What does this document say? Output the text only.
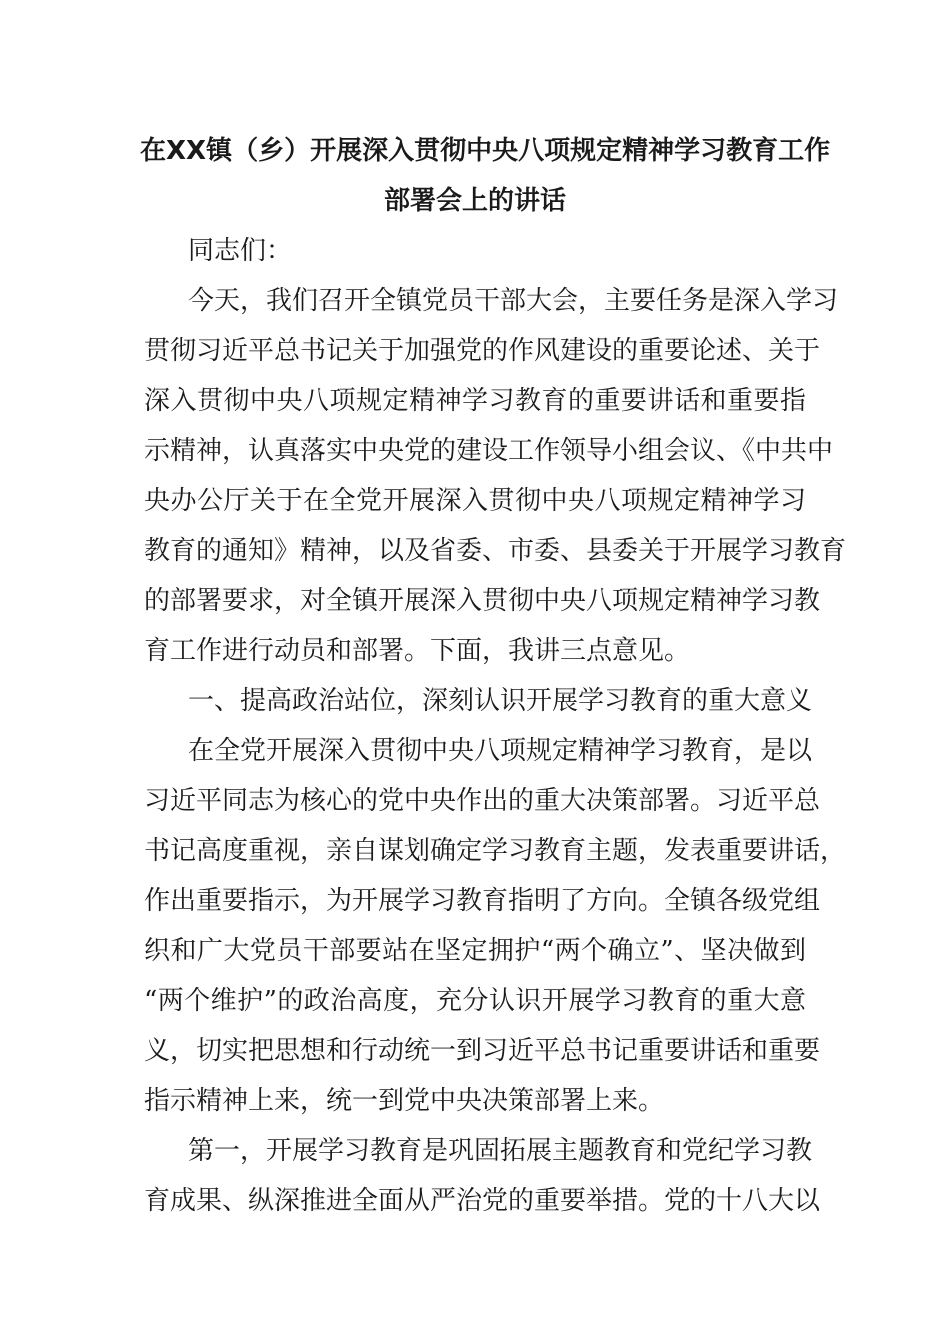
在XX镇（乡）开展深入贯彻中央八项规定精神学习教育工作
部署会上的讲话

同志们：

今天，我们召开全镇党员干部大会，主要任务是深入学习

贯彻习近平总书记关于加强党的作风建设的重要论述、关于

深入贯彻中央八项规定精神学习教育的重要讲话和重要指

示精神，认真落实中央党的建设工作领导小组会议、《中共中

央办公厅关于在全党开展深入贯彻中央八项规定精神学习

教育的通知》精神，以及省委、市委、县委关于开展学习教育

的部署要求，对全镇开展深入贯彻中央八项规定精神学习教

育工作进行动员和部署。下面，我讲三点意见。

一、提高政治站位，深刻认识开展学习教育的重大意义

在全党开展深入贯彻中央八项规定精神学习教育，是以

习近平同志为核心的党中央作出的重大决策部署。习近平总

书记高度重视，亲自谋划确定学习教育主题，发表重要讲话，

作出重要指示，为开展学习教育指明了方向。全镇各级党组

织和广大党员干部要站在坚定拥护“两个确立”、坚决做到

“两个维护”的政治高度，充分认识开展学习教育的重大意

义，切实把思想和行动统一到习近平总书记重要讲话和重要

指示精神上来，统一到党中央决策部署上来。

第一，开展学习教育是巩固拓展主题教育和党纪学习教

育成果、纵深推进全面从严治党的重要举措。党的十八大以
